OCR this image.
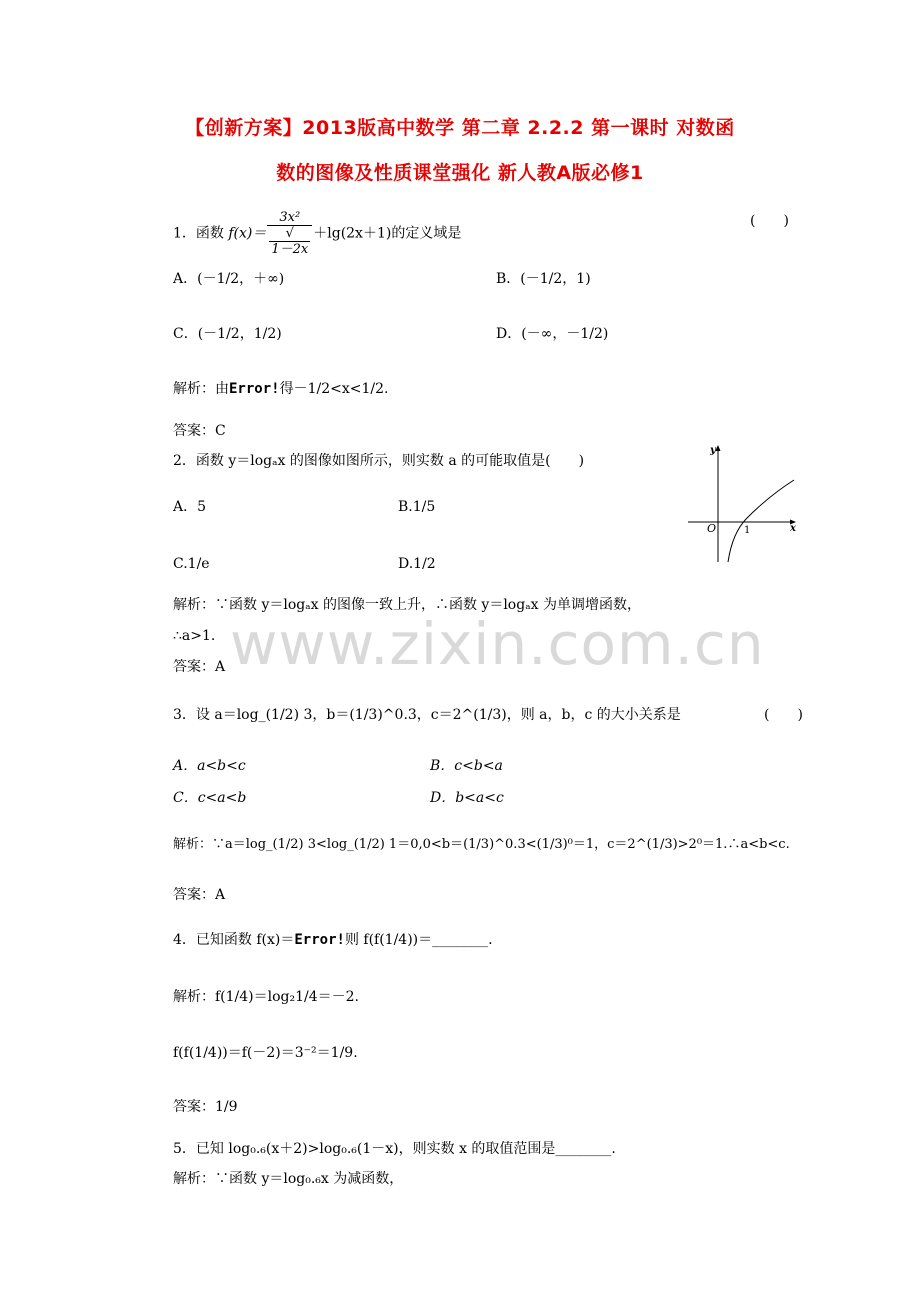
【创新方案】2013版高中数学 第二章 2.2.2 第一课时 对数函
数的图像及性质课堂强化 新人教A版必修1
www.zixin.com.cn
1．函数 f(x)＝ 3x²
√
1－2x ＋lg(2x＋1)的定义域是
(　　)
A．(－1/2，＋∞)	B．(－1/2，1)
C．(－1/2，1/2)	D．(－∞，－1/2)
解析：由Error!得－1/2<x<1/2.
答案：C
2．函数 y＝logₐx 的图像如图所示，则实数 a 的可能取值是(　　)
A．5	B.1/5
C.1/e	D.1/2
y
x
O	1
解析：∵函数 y＝logₐx 的图像一致上升，∴函数 y＝logₐx 为单调增函数，
∴a>1.
答案：A
3．设 a＝log_(1/2) 3，b＝(1/3)^0.3，c＝2^(1/3)，则 a，b，c 的大小关系是	(　　)
A．a<b<c	B．c<b<a
C．c<a<b	D．b<a<c
解析：∵a＝log_(1/2) 3<log_(1/2) 1＝0,0<b＝(1/3)^0.3<(1/3)⁰＝1，c＝2^(1/3)>2⁰＝1.∴a<b<c.
答案：A
4．已知函数 f(x)＝Error!则 f(f(1/4))＝________.
解析：f(1/4)＝log₂1/4＝－2.
f(f(1/4))＝f(－2)＝3⁻²＝1/9.
答案：1/9
5．已知 log₀.₆(x＋2)>log₀.₆(1－x)，则实数 x 的取值范围是________.
解析：∵函数 y＝log₀.₆x 为减函数，
